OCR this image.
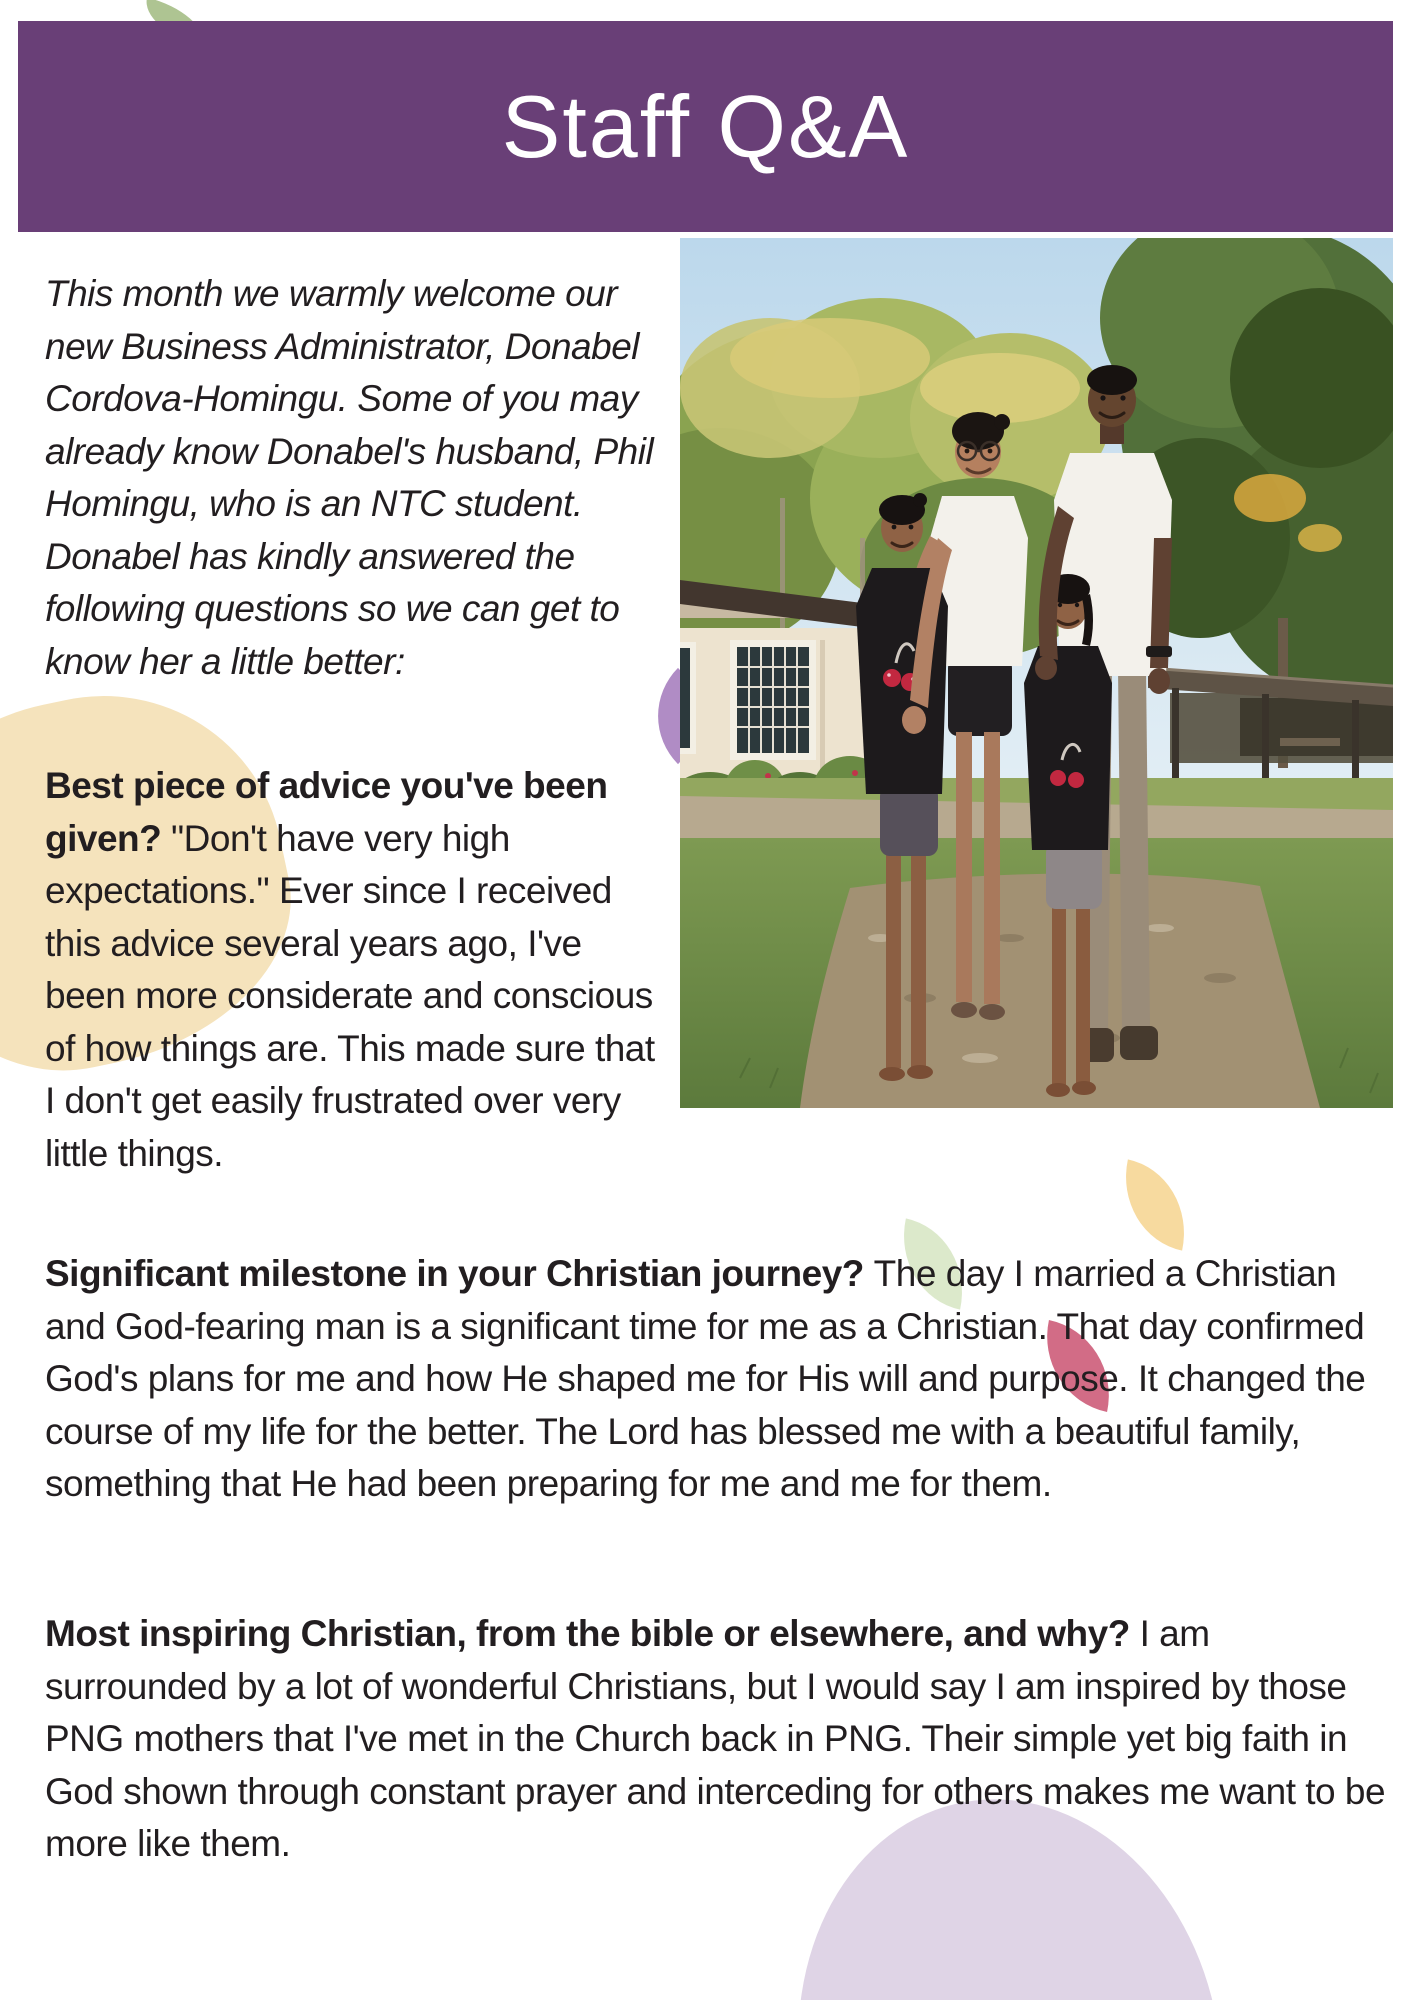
Staff Q&A

This month we warmly welcome our new Business Administrator, Donabel Cordova-Homingu. Some of you may already know Donabel's husband, Phil Homingu, who is an NTC student. Donabel has kindly answered the following questions so we can get to know her a little better:

Best piece of advice you've been given? "Don't have very high expectations." Ever since I received this advice several years ago, I've been more considerate and conscious of how things are. This made sure that I don't get easily frustrated over very little things.

Significant milestone in your Christian journey? The day I married a Christian and God-fearing man is a significant time for me as a Christian. That day confirmed God's plans for me and how He shaped me for His will and purpose. It changed the course of my life for the better. The Lord has blessed me with a beautiful family, something that He had been preparing for me and me for them.

Most inspiring Christian, from the bible or elsewhere, and why? I am surrounded by a lot of wonderful Christians, but I would say I am inspired by those PNG mothers that I've met in the Church back in PNG. Their simple yet big faith in God shown through constant prayer and interceding for others makes me want to be more like them.
